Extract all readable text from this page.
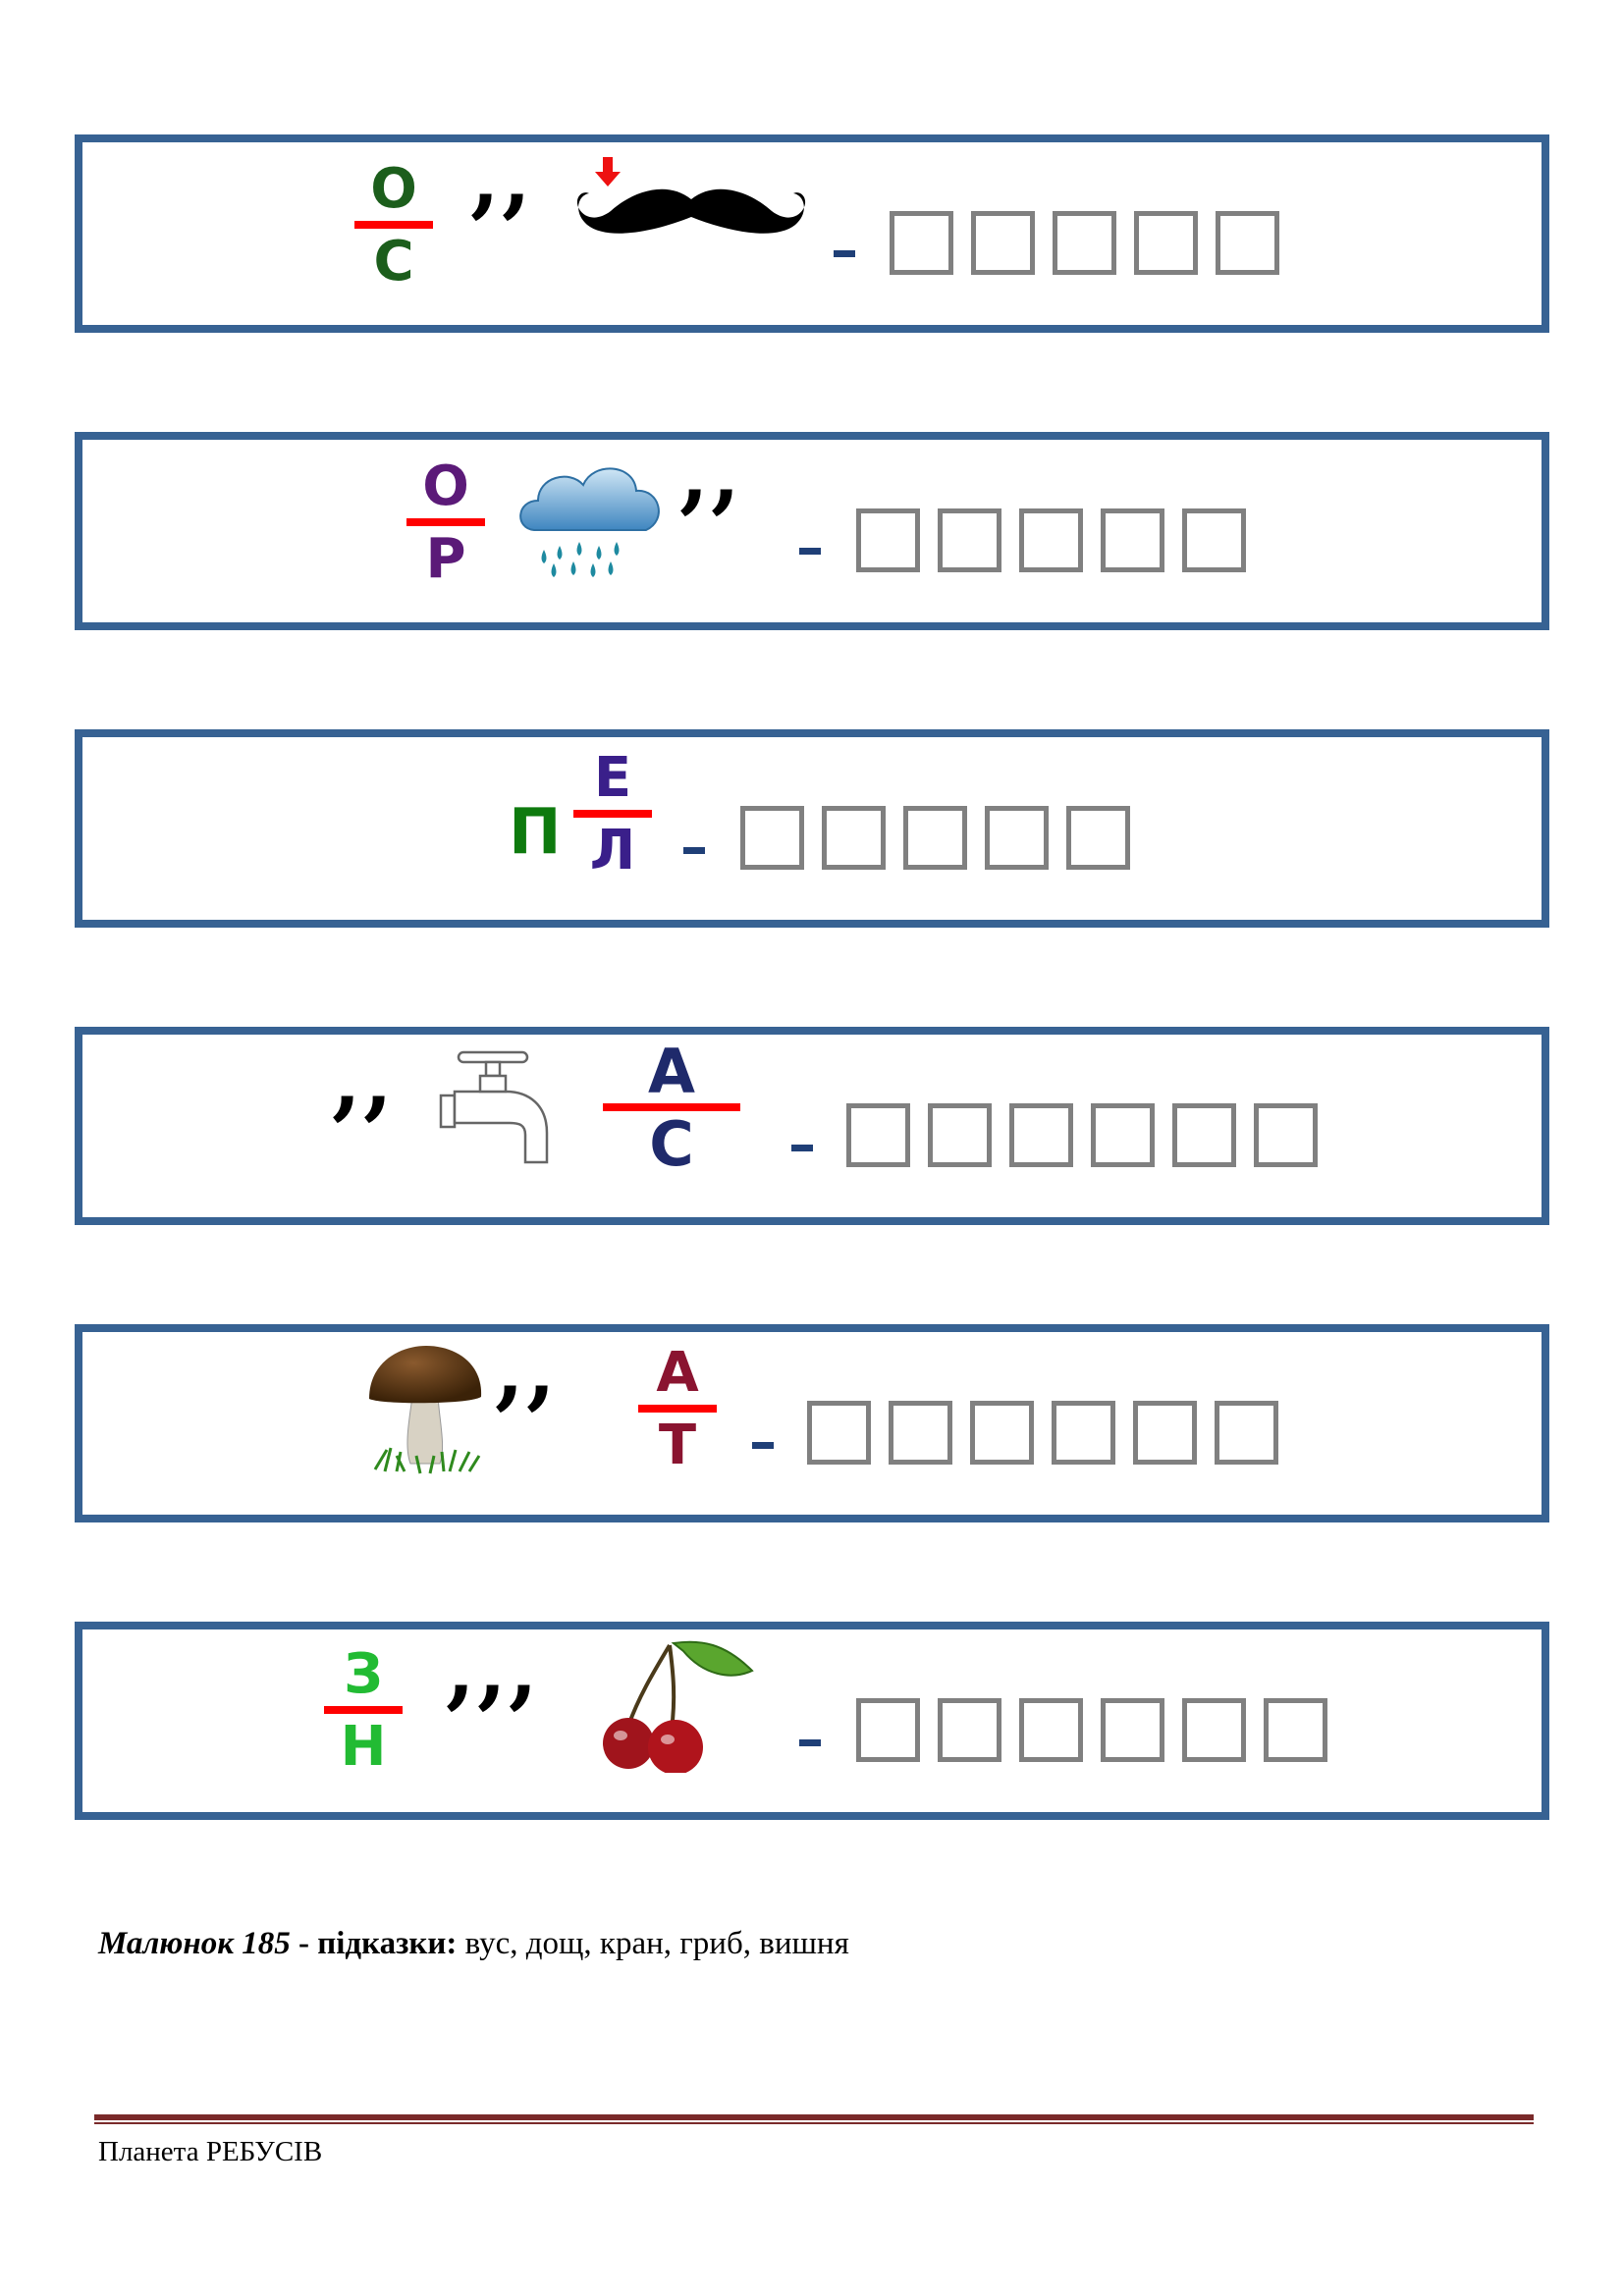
О
С
,,
О
Р
,,
П
Е
Л
,,	А
С
,,	А
Т
З
Н
,,,
Малюнок 185 - підказки: вус, дощ, кран, гриб, вишня
Планета РЕБУСІВ
